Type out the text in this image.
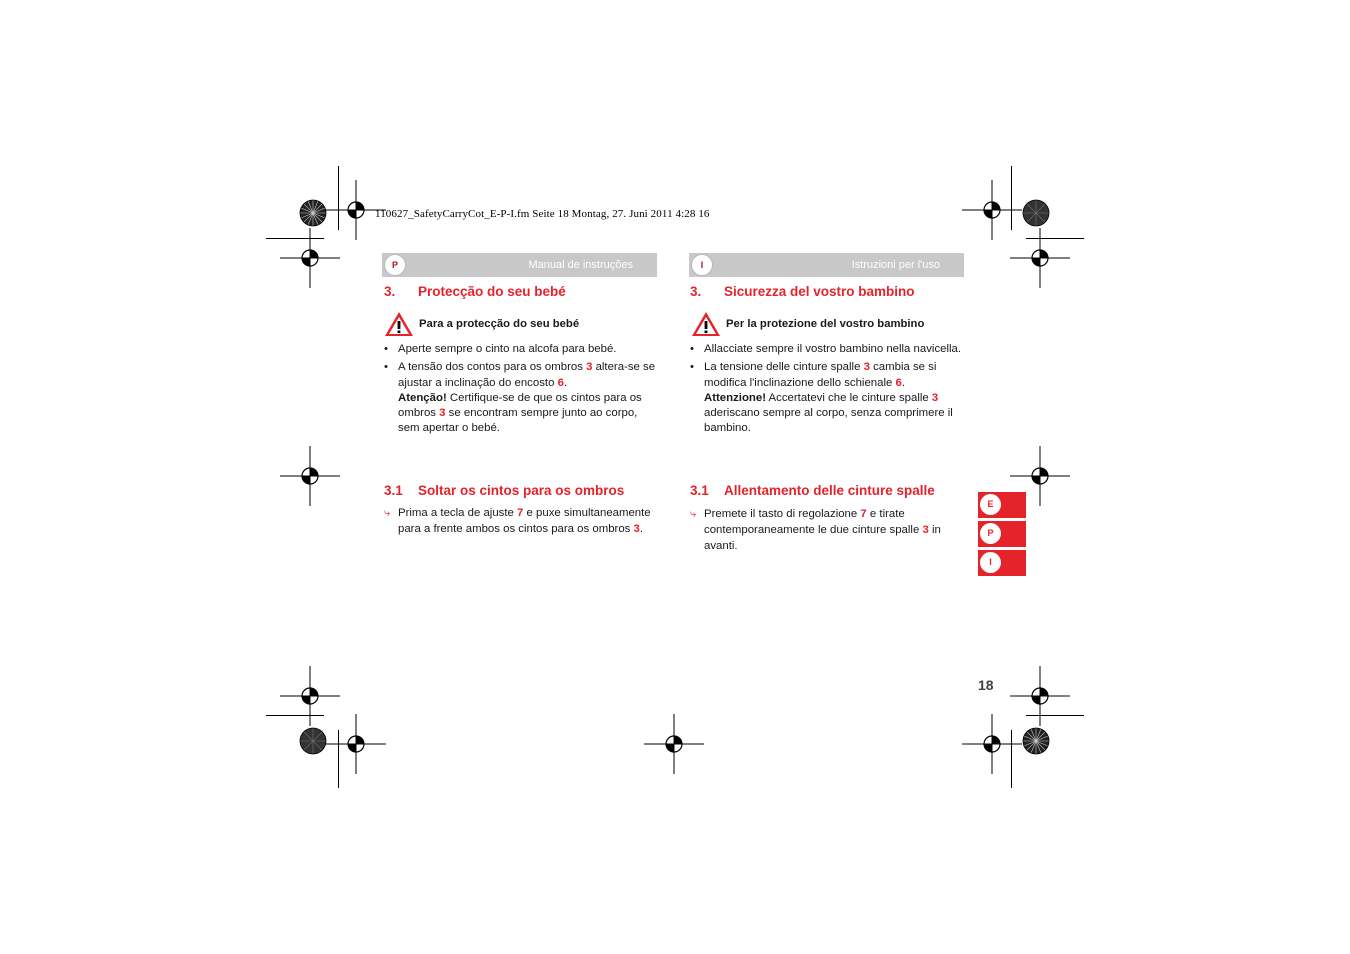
110627_SafetyCarryCot_E-P-I.fm Seite 18 Montag, 27. Juni 2011 4:28 16
P	Manual de instruções
3. Protecção do seu bebé
Para a protecção do seu bebé
• Aperte sempre o cinto na alcofa para bebé.
• A tensão dos contos para os ombros 3 altera-se se ajustar a inclinação do encosto 6.
Atenção! Certifique-se de que os cintos para os ombros 3 se encontram sempre junto ao corpo, sem apertar o bebé.
3.1 Soltar os cintos para os ombros
⤷ Prima a tecla de ajuste 7 e puxe simultaneamente para a frente ambos os cintos para os ombros 3.
I	Istruzioni per l'uso
3. Sicurezza del vostro bambino
Per la protezione del vostro bambino
• Allacciate sempre il vostro bambino nella navicella.
• La tensione delle cinture spalle 3 cambia se si modifica l'inclinazione dello schienale 6.
Attenzione! Accertatevi che le cinture spalle 3 aderiscano sempre al corpo, senza comprimere il bambino.
3.1 Allentamento delle cinture spalle
⤷ Premete il tasto di regolazione 7 e tirate contemporaneamente le due cinture spalle 3 in avanti.
E
P
I
18
